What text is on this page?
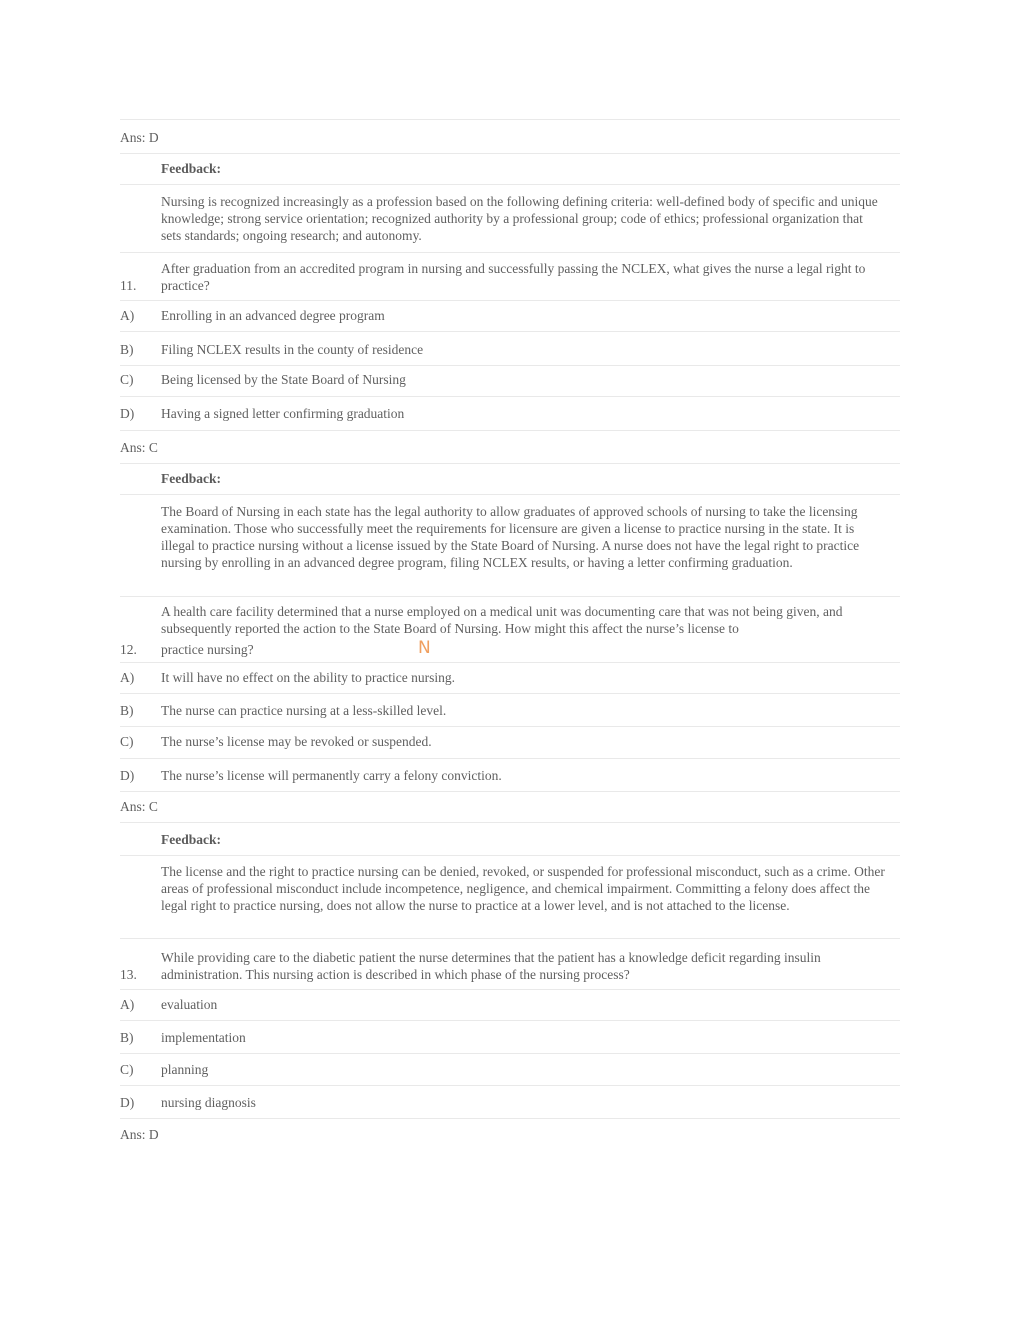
Ans: D
Feedback:
Nursing is recognized increasingly as a profession based on the following defining criteria: well-defined body of specific and unique knowledge; strong service orientation; recognized authority by a professional group; code of ethics; professional organization that sets standards; ongoing research; and autonomy.
11.
After graduation from an accredited program in nursing and successfully passing the NCLEX, what gives the nurse a legal right to practice?
A) Enrolling in an advanced degree program
B) Filing NCLEX results in the county of residence
C) Being licensed by the State Board of Nursing
D) Having a signed letter confirming graduation
Ans: C
Feedback:
The Board of Nursing in each state has the legal authority to allow graduates of approved schools of nursing to take the licensing examination. Those who successfully meet the requirements for licensure are given a license to practice nursing in the state. It is illegal to practice nursing without a license issued by the State Board of Nursing. A nurse does not have the legal right to practice nursing by enrolling in an advanced degree program, filing NCLEX results, or having a letter confirming graduation.
12.
A health care facility determined that a nurse employed on a medical unit was documenting care that was not being given, and subsequently reported the action to the State Board of Nursing. How might this affect the nurse’s license to
practice nursing?	N
A) It will have no effect on the ability to practice nursing.
B) The nurse can practice nursing at a less-skilled level.
C) The nurse’s license may be revoked or suspended.
D) The nurse’s license will permanently carry a felony conviction.
Ans: C
Feedback:
The license and the right to practice nursing can be denied, revoked, or suspended for professional misconduct, such as a crime. Other areas of professional misconduct include incompetence, negligence, and chemical impairment. Committing a felony does affect the legal right to practice nursing, does not allow the nurse to practice at a lower level, and is not attached to the license.
13.
While providing care to the diabetic patient the nurse determines that the patient has a knowledge deficit regarding insulin administration. This nursing action is described in which phase of the nursing process?
A) evaluation
B) implementation
C) planning
D) nursing diagnosis
Ans: D
